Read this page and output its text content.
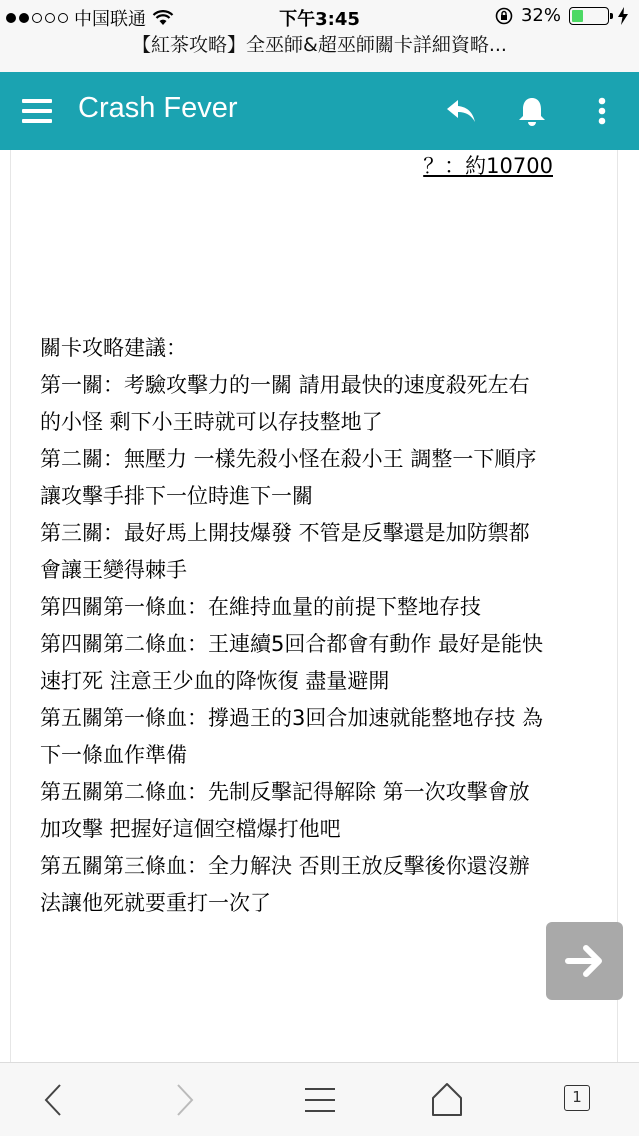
中国联通	下午3:45	32%
【紅茶攻略】全巫師&超巫師關卡詳細資略...
Crash Fever
？：約10700
關卡攻略建議：
第一關：考驗攻擊力的一關 請用最快的速度殺死左右
的小怪 剩下小王時就可以存技整地了
第二關：無壓力 一樣先殺小怪在殺小王 調整一下順序
讓攻擊手排下一位時進下一關
第三關：最好馬上開技爆發 不管是反擊還是加防禦都
會讓王變得棘手
第四關第一條血：在維持血量的前提下整地存技
第四關第二條血：王連續5回合都會有動作 最好是能快
速打死 注意王少血的降恢復 盡量避開
第五關第一條血：撐過王的3回合加速就能整地存技 為
下一條血作準備
第五關第二條血：先制反擊記得解除 第一次攻擊會放
加攻擊 把握好這個空檔爆打他吧
第五關第三條血：全力解決 否則王放反擊後你還沒辦
法讓他死就要重打一次了
1
